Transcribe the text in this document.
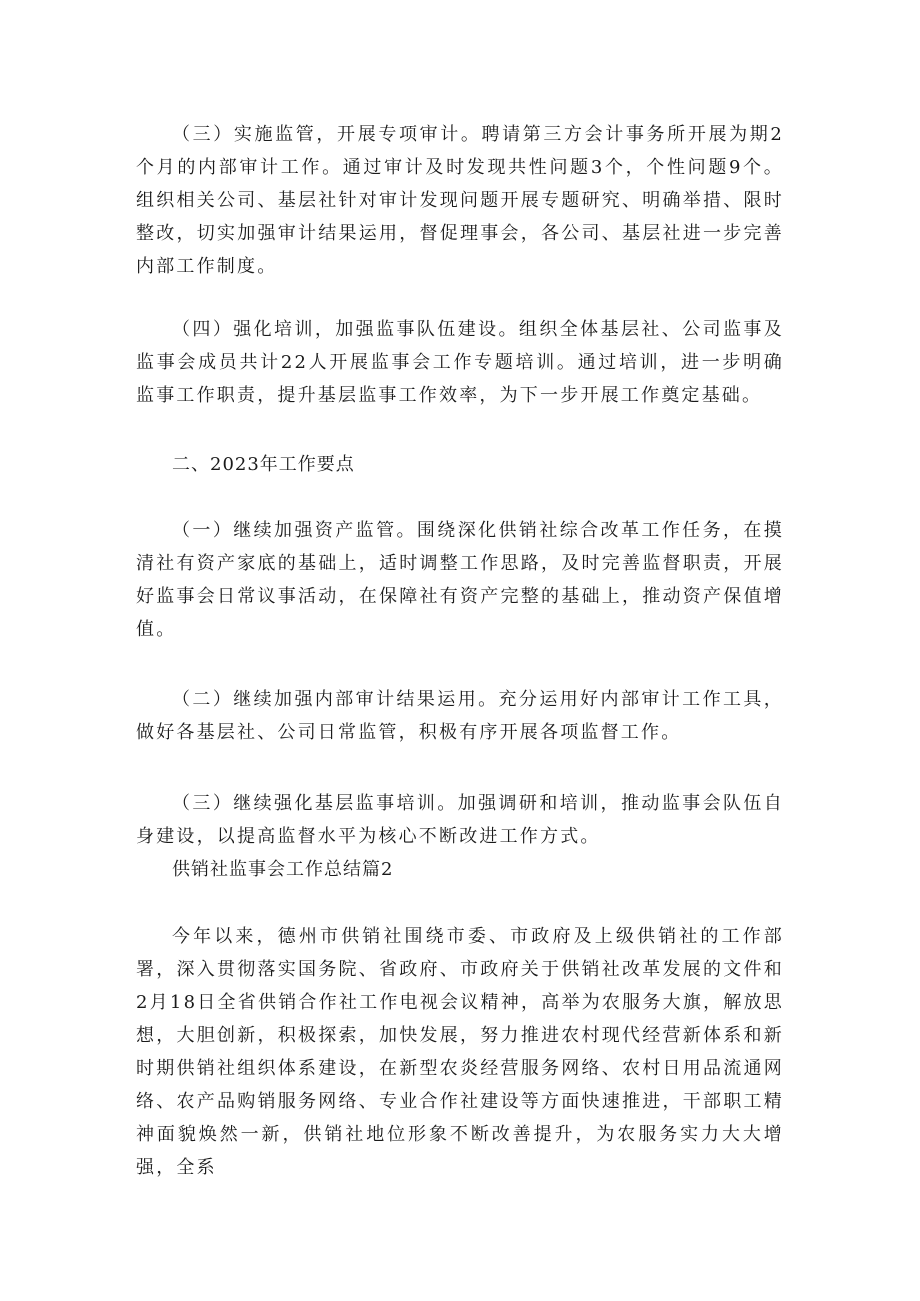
（三）实施监管，开展专项审计。聘请第三方会计事务所开展为期2个月的内部审计工作。通过审计及时发现共性问题3个，个性问题9个。组织相关公司、基层社针对审计发现问题开展专题研究、明确举措、限时整改，切实加强审计结果运用，督促理事会，各公司、基层社进一步完善内部工作制度。

（四）强化培训，加强监事队伍建设。组织全体基层社、公司监事及监事会成员共计22人开展监事会工作专题培训。通过培训，进一步明确监事工作职责，提升基层监事工作效率，为下一步开展工作奠定基础。

二、2023年工作要点

（一）继续加强资产监管。围绕深化供销社综合改革工作任务，在摸清社有资产家底的基础上，适时调整工作思路，及时完善监督职责，开展好监事会日常议事活动，在保障社有资产完整的基础上，推动资产保值增值。

（二）继续加强内部审计结果运用。充分运用好内部审计工作工具，做好各基层社、公司日常监管，积极有序开展各项监督工作。

（三）继续强化基层监事培训。加强调研和培训，推动监事会队伍自身建设，以提高监督水平为核心不断改进工作方式。

供销社监事会工作总结篇2

今年以来，德州市供销社围绕市委、市政府及上级供销社的工作部署，深入贯彻落实国务院、省政府、市政府关于供销社改革发展的文件和2月18日全省供销合作社工作电视会议精神，高举为农服务大旗，解放思想，大胆创新，积极探索，加快发展，努力推进农村现代经营新体系和新时期供销社组织体系建设，在新型农炎经营服务网络、农村日用品流通网络、农产品购销服务网络、专业合作社建设等方面快速推进，干部职工精神面貌焕然一新，供销社地位形象不断改善提升，为农服务实力大大增强，全系
